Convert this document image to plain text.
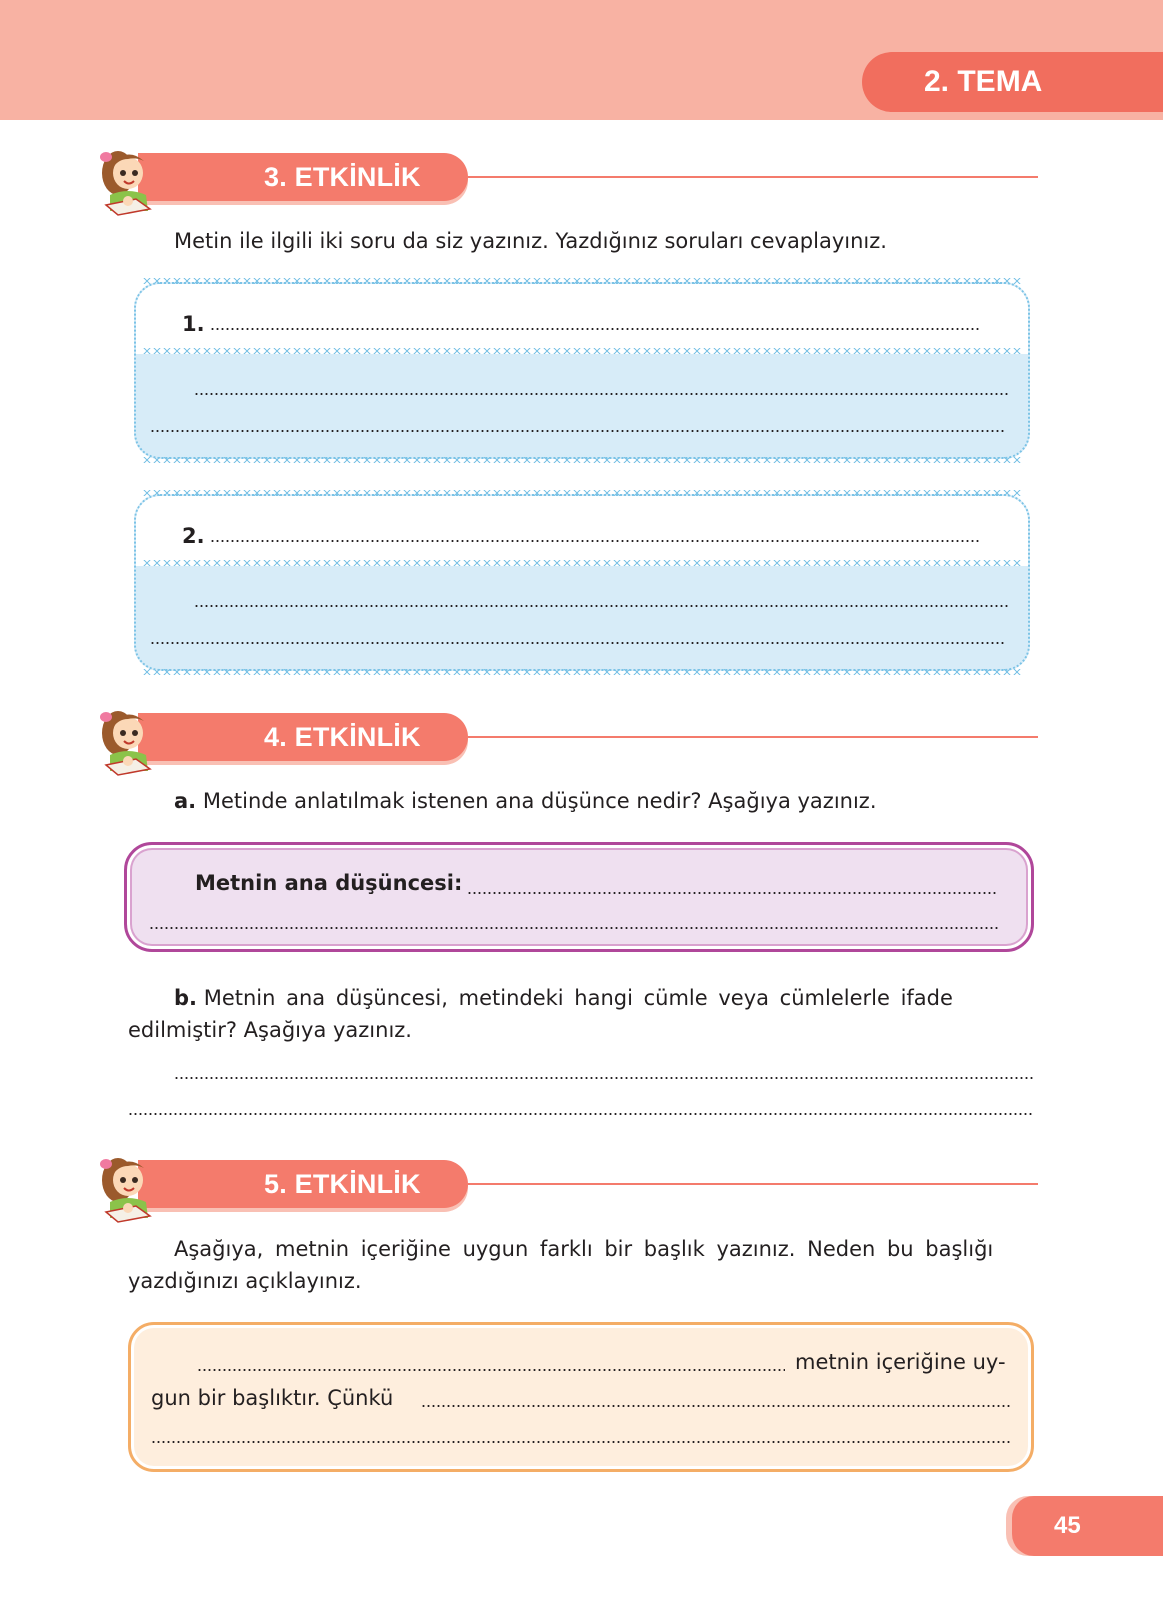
2. TEMA
3. ETKİNLİK
Metin ile ilgili iki soru da siz yazınız. Yazdığınız soruları cevaplayınız.
1.
2.
4. ETKİNLİK
a. Metinde anlatılmak istenen ana düşünce nedir? Aşağıya yazınız.
Metnin ana düşüncesi:
b. Metnin ana düşüncesi, metindeki hangi cümle veya cümlelerle ifade
edilmiştir? Aşağıya yazınız.
5. ETKİNLİK
Aşağıya, metnin içeriğine uygun farklı bir başlık yazınız. Neden bu başlığı
yazdığınızı açıklayınız.
metnin içeriğine uy-
gun bir başlıktır. Çünkü
45
